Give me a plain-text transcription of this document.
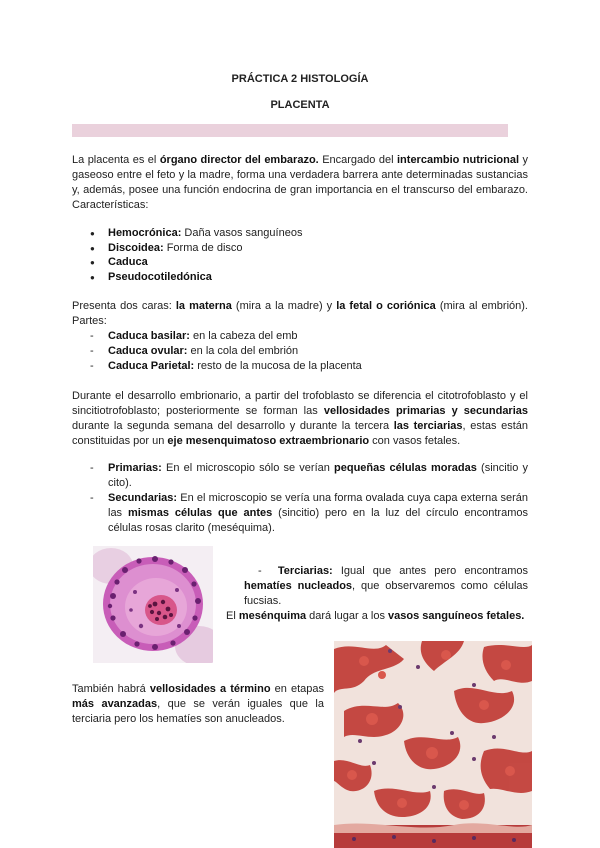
PRÁCTICA 2 HISTOLOGÍA
PLACENTA
La placenta es el órgano director del embarazo. Encargado del intercambio nutricional y gaseoso entre el feto y la madre, forma una verdadera barrera ante determinadas sustancias y, además, posee una función endocrina de gran importancia en el transcurso del embarazo. Características:
● Hemocrónica: Daña vasos sanguíneos
● Discoidea: Forma de disco
● Caduca
● Pseudocotiledónica
Presenta dos caras: la materna (mira a la madre) y la fetal o coriónica (mira al embrión). Partes:
- Caduca basilar: en la cabeza del emb
- Caduca ovular: en la cola del embrión
- Caduca Parietal: resto de la mucosa de la placenta
Durante el desarrollo embrionario, a partir del trofoblasto se diferencia el citotrofoblasto y el sincitiotrofoblasto; posteriormente se forman las vellosidades primarias y secundarias durante la segunda semana del desarrollo y durante la tercera las terciarias, estas están constituidas por un eje mesenquimatoso extraembrionario con vasos fetales.
- Primarias: En el microscopio sólo se verían pequeñas células moradas (sincitio y cito).
- Secundarias: En el microscopio se vería una forma ovalada cuya capa externa serán las mismas células que antes (sincitio) pero en la luz del círculo encontramos células rosas clarito (meséquima).
-  Terciarias: Igual que antes pero encontramos hematíes nucleados, que observaremos como células fucsias.
El mesénquima dará lugar a los vasos sanguíneos fetales.
También habrá vellosidades a término en etapas más avanzadas, que se verán iguales que la terciaria pero los hematíes son anucleados.
